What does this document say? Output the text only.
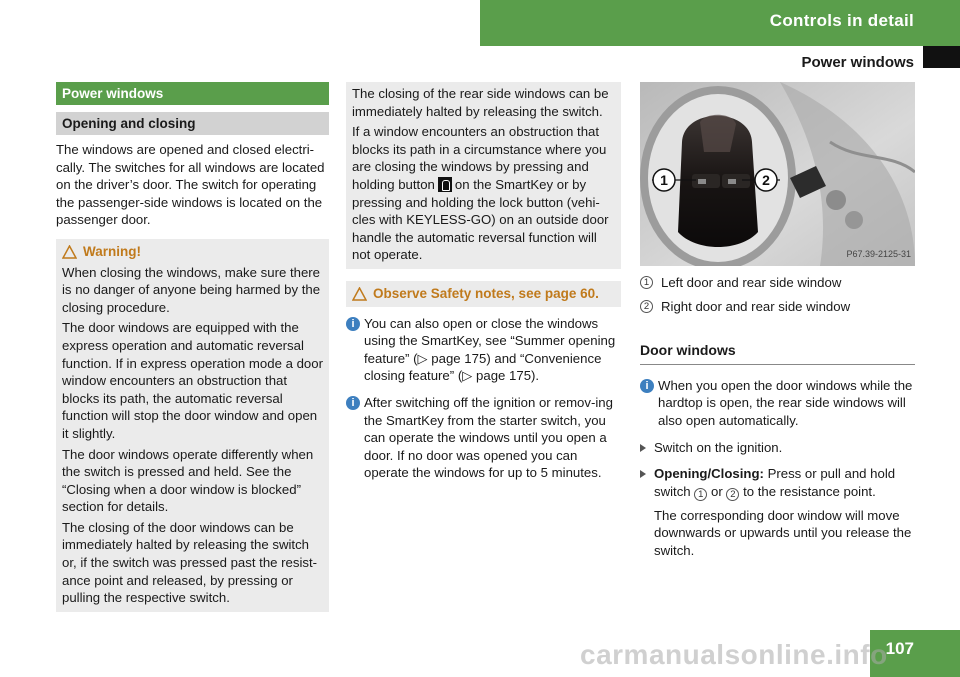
Controls in detail
Power windows
Power windows
Opening and closing

The windows are opened and closed electri-cally. The switches for all windows are located on the driver’s door. The switch for operating the passenger-side windows is located on the passenger door.

Warning!

When closing the windows, make sure there is no danger of anyone being harmed by the closing procedure.

The door windows are equipped with the express operation and automatic reversal function. If in express operation mode a door window encounters an obstruction that blocks its path, the automatic reversal function will stop the door window and open it slightly.

The door windows operate differently when the switch is pressed and held. See the “Closing when a door window is blocked” section for details.

The closing of the door windows can be immediately halted by releasing the switch or, if the switch was pressed past the resist-ance point and released, by pressing or pulling the respective switch.

The closing of the rear side windows can be immediately halted by releasing the switch.

If a window encounters an obstruction that blocks its path in a circumstance where you are closing the windows by pressing and holding button on the SmartKey or by pressing and holding the lock button (vehi-cles with KEYLESS-GO) on an outside door handle the automatic reversal function will not operate.

Observe Safety notes, see page 60.
i You can also open or close the windows using the SmartKey, see “Summer opening feature” (▷ page 175) and “Convenience closing feature” (▷ page 175).
i After switching off the ignition or remov-ing the SmartKey from the starter switch, you can operate the windows until you open a door. If no door was opened you can operate the windows for up to 5 minutes.
1	2
P67.39-2125-31
1 Left door and rear side window
2 Right door and rear side window
Door windows
i When you open the door windows while the hardtop is open, the rear side windows will also open automatically.
Switch on the ignition.
Opening/Closing: Press or pull and hold switch 1 or 2 to the resistance point.

The corresponding door window will move downwards or upwards until you release the switch.

107
carmanualsonline.info
